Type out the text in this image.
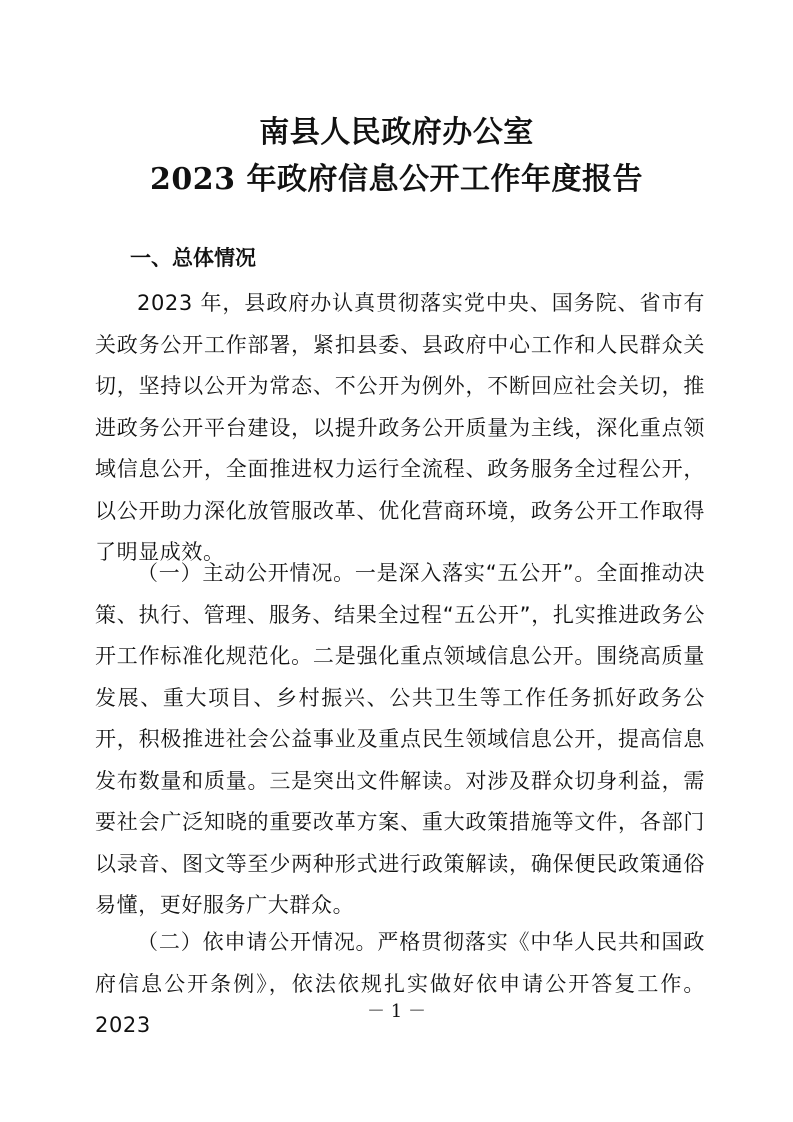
南县人民政府办公室
2023 年政府信息公开工作年度报告
一、总体情况

2023 年，县政府办认真贯彻落实党中央、国务院、省市有关政务公开工作部署，紧扣县委、县政府中心工作和人民群众关切，坚持以公开为常态、不公开为例外，不断回应社会关切，推进政务公开平台建设，以提升政务公开质量为主线，深化重点领域信息公开，全面推进权力运行全流程、政务服务全过程公开，以公开助力深化放管服改革、优化营商环境，政务公开工作取得了明显成效。

（一）主动公开情况。一是深入落实“五公开”。全面推动决策、执行、管理、服务、结果全过程“五公开”，扎实推进政务公开工作标准化规范化。二是强化重点领域信息公开。围绕高质量发展、重大项目、乡村振兴、公共卫生等工作任务抓好政务公开，积极推进社会公益事业及重点民生领域信息公开，提高信息发布数量和质量。三是突出文件解读。对涉及群众切身利益，需要社会广泛知晓的重要改革方案、重大政策措施等文件，各部门以录音、图文等至少两种形式进行政策解读，确保便民政策通俗易懂，更好服务广大群众。

（二）依申请公开情况。严格贯彻落实《中华人民共和国政府信息公开条例》，依法依规扎实做好依申请公开答复工作。2023

－ 1 －
